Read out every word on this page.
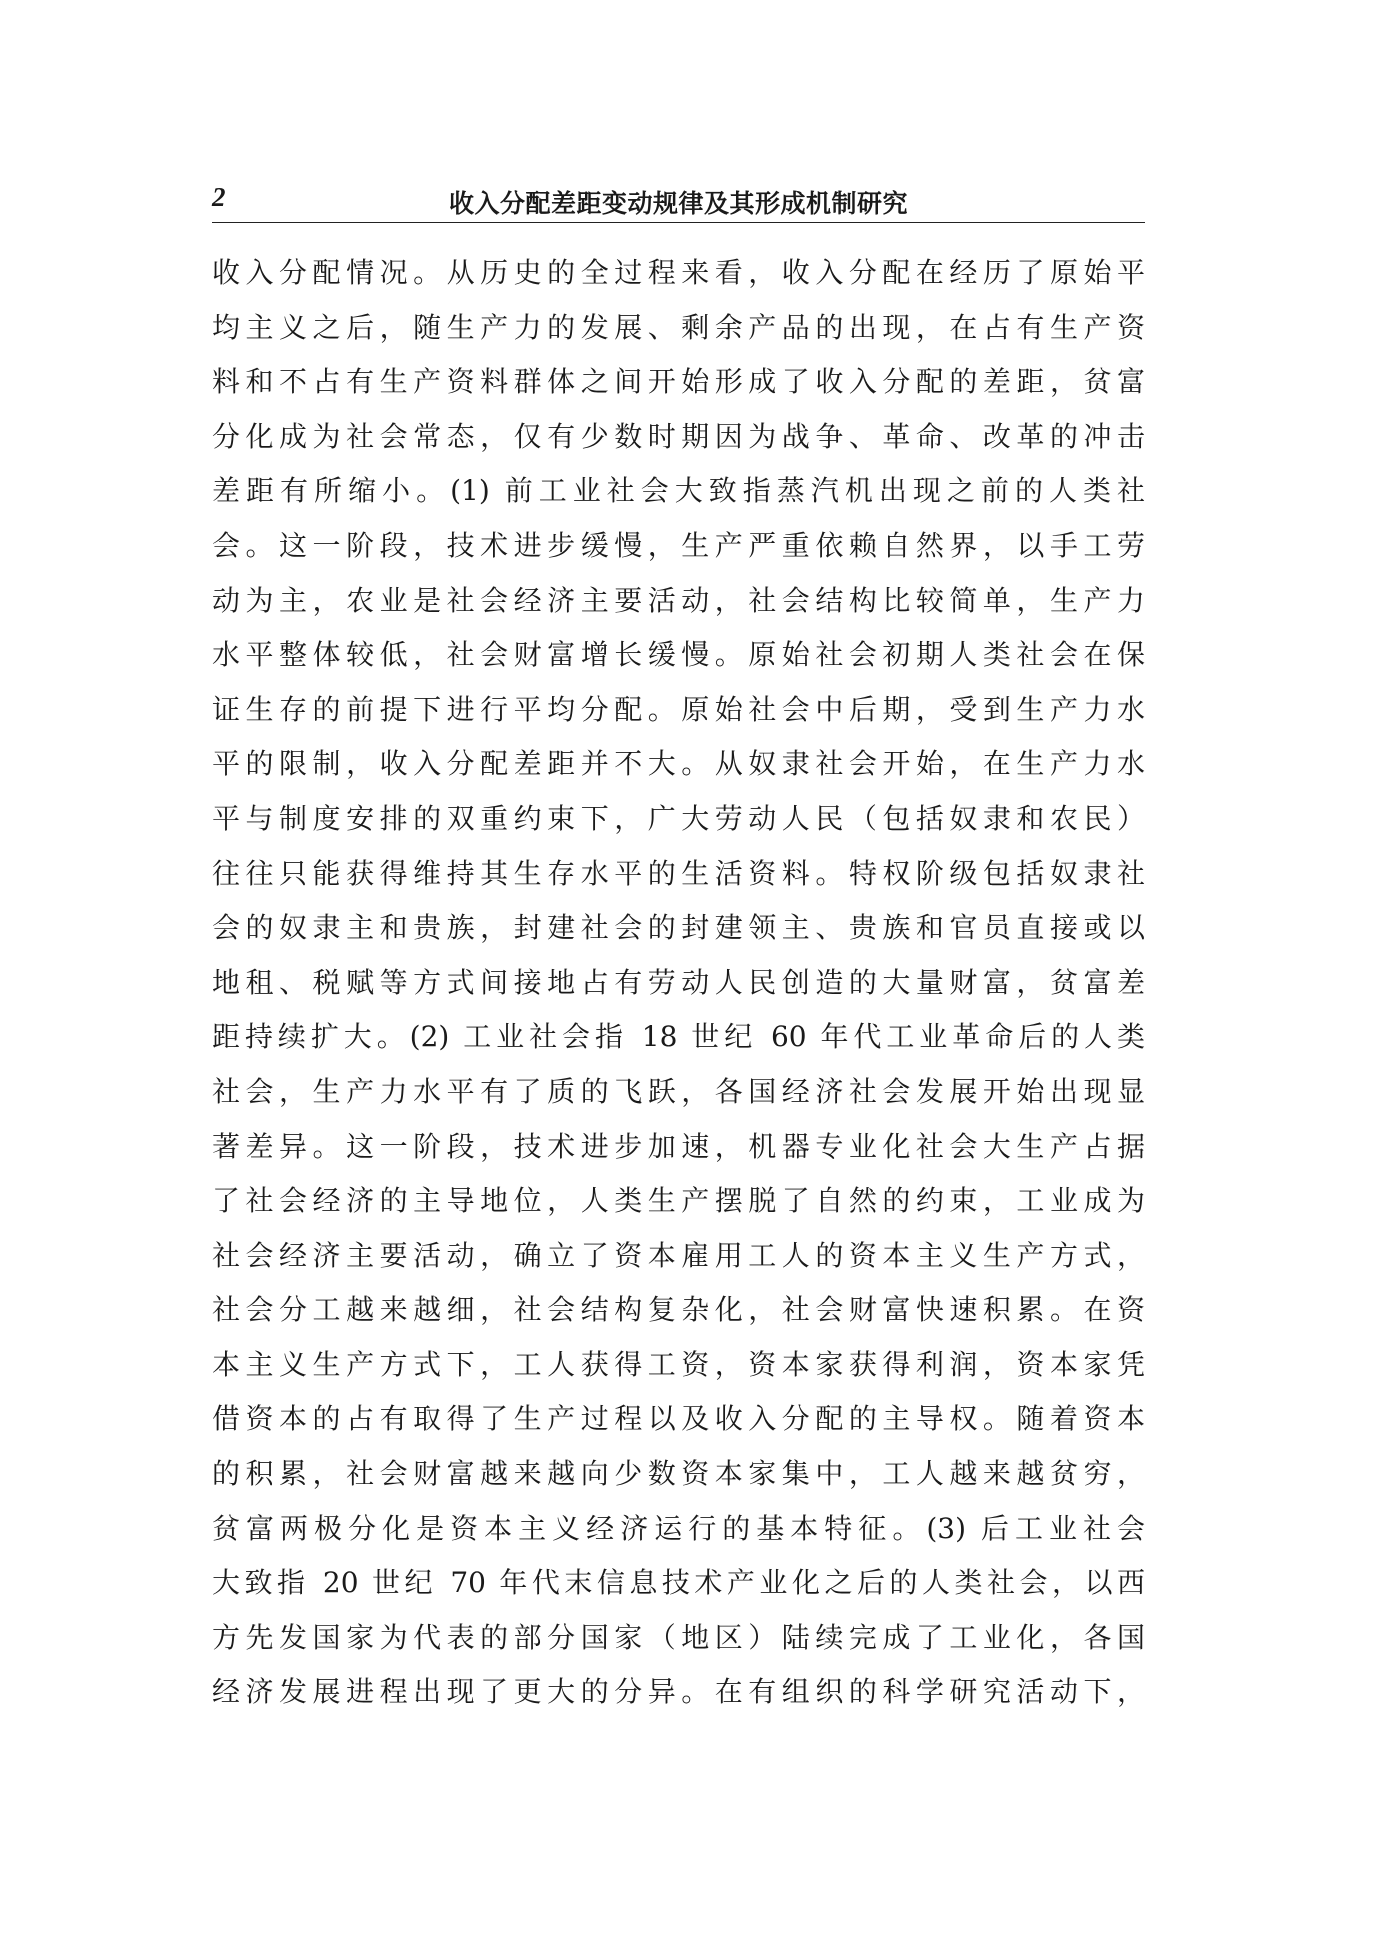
2	收入分配差距变动规律及其形成机制研究
收入分配情况。从历史的全过程来看，收入分配在经历了原始平
均主义之后，随生产力的发展、剩余产品的出现，在占有生产资
料和不占有生产资料群体之间开始形成了收入分配的差距，贫富
分化成为社会常态，仅有少数时期因为战争、革命、改革的冲击
差距有所缩小。(1) 前工业社会大致指蒸汽机出现之前的人类社
会。这一阶段，技术进步缓慢，生产严重依赖自然界，以手工劳
动为主，农业是社会经济主要活动，社会结构比较简单，生产力
水平整体较低，社会财富增长缓慢。原始社会初期人类社会在保
证生存的前提下进行平均分配。原始社会中后期，受到生产力水
平的限制，收入分配差距并不大。从奴隶社会开始，在生产力水
平与制度安排的双重约束下，广大劳动人民（包括奴隶和农民）
往往只能获得维持其生存水平的生活资料。特权阶级包括奴隶社
会的奴隶主和贵族，封建社会的封建领主、贵族和官员直接或以
地租、税赋等方式间接地占有劳动人民创造的大量财富，贫富差
距持续扩大。(2) 工业社会指 18 世纪 60 年代工业革命后的人类
社会，生产力水平有了质的飞跃，各国经济社会发展开始出现显
著差异。这一阶段，技术进步加速，机器专业化社会大生产占据
了社会经济的主导地位，人类生产摆脱了自然的约束，工业成为
社会经济主要活动，确立了资本雇用工人的资本主义生产方式，
社会分工越来越细，社会结构复杂化，社会财富快速积累。在资
本主义生产方式下，工人获得工资，资本家获得利润，资本家凭
借资本的占有取得了生产过程以及收入分配的主导权。随着资本
的积累，社会财富越来越向少数资本家集中，工人越来越贫穷，
贫富两极分化是资本主义经济运行的基本特征。(3) 后工业社会
大致指 20 世纪 70 年代末信息技术产业化之后的人类社会，以西
方先发国家为代表的部分国家（地区）陆续完成了工业化，各国
经济发展进程出现了更大的分异。在有组织的科学研究活动下，
